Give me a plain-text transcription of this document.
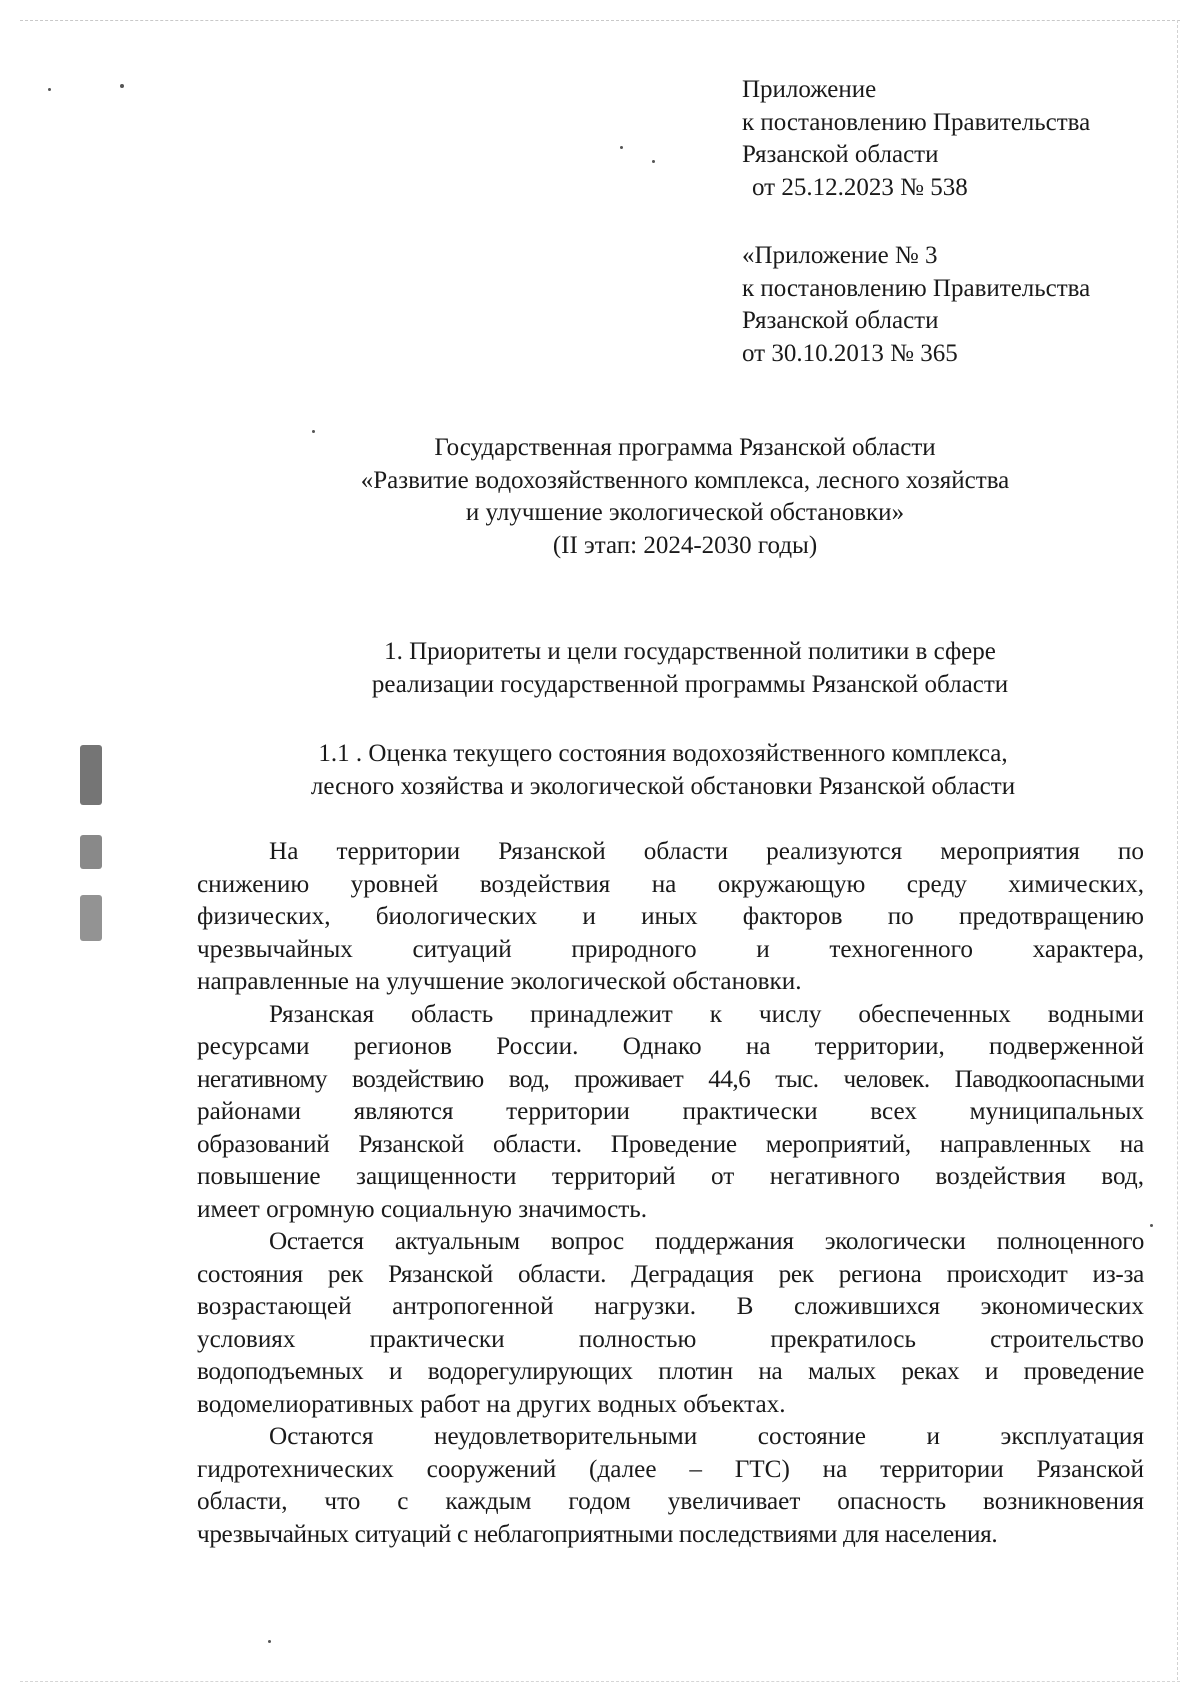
Приложение
к постановлению Правительства
Рязанской области
от 25.12.2023 № 538
«Приложение № 3
к постановлению Правительства
Рязанской области
от 30.10.2013 № 365
Государственная программа Рязанской области
«Развитие водохозяйственного комплекса, лесного хозяйства
и улучшение экологической обстановки»
(II этап: 2024-2030 годы)
1. Приоритеты и цели государственной политики в сфере
реализации государственной программы Рязанской области
1.1 . Оценка текущего состояния водохозяйственного комплекса,
лесного хозяйства и экологической обстановки Рязанской области

На территории Рязанской области реализуются мероприятия по

снижению уровней воздействия на окружающую среду химических,

физических, биологических и иных факторов по предотвращению

чрезвычайных ситуаций природного и техногенного характера,

направленные на улучшение экологической обстановки.

Рязанская область принадлежит к числу обеспеченных водными

ресурсами регионов России. Однако на территории, подверженной

негативному воздействию вод, проживает 44,6 тыс. человек. Паводкоопасными

районами являются территории практически всех муниципальных

образований Рязанской области. Проведение мероприятий, направленных на

повышение защищенности территорий от негативного воздействия вод,

имеет огромную социальную значимость.

Остается актуальным вопрос поддержания экологически полноценного

состояния рек Рязанской области. Деградация рек региона происходит из-за

возрастающей антропогенной нагрузки. В сложившихся экономических

условиях практически полностью прекратилось строительство

водоподъемных и водорегулирующих плотин на малых реках и проведение

водомелиоративных работ на других водных объектах.

Остаются неудовлетворительными состояние и эксплуатация

гидротехнических сооружений (далее – ГТС) на территории Рязанской

области, что с каждым годом увеличивает опасность возникновения

чрезвычайных ситуаций с неблагоприятными последствиями для населения.
